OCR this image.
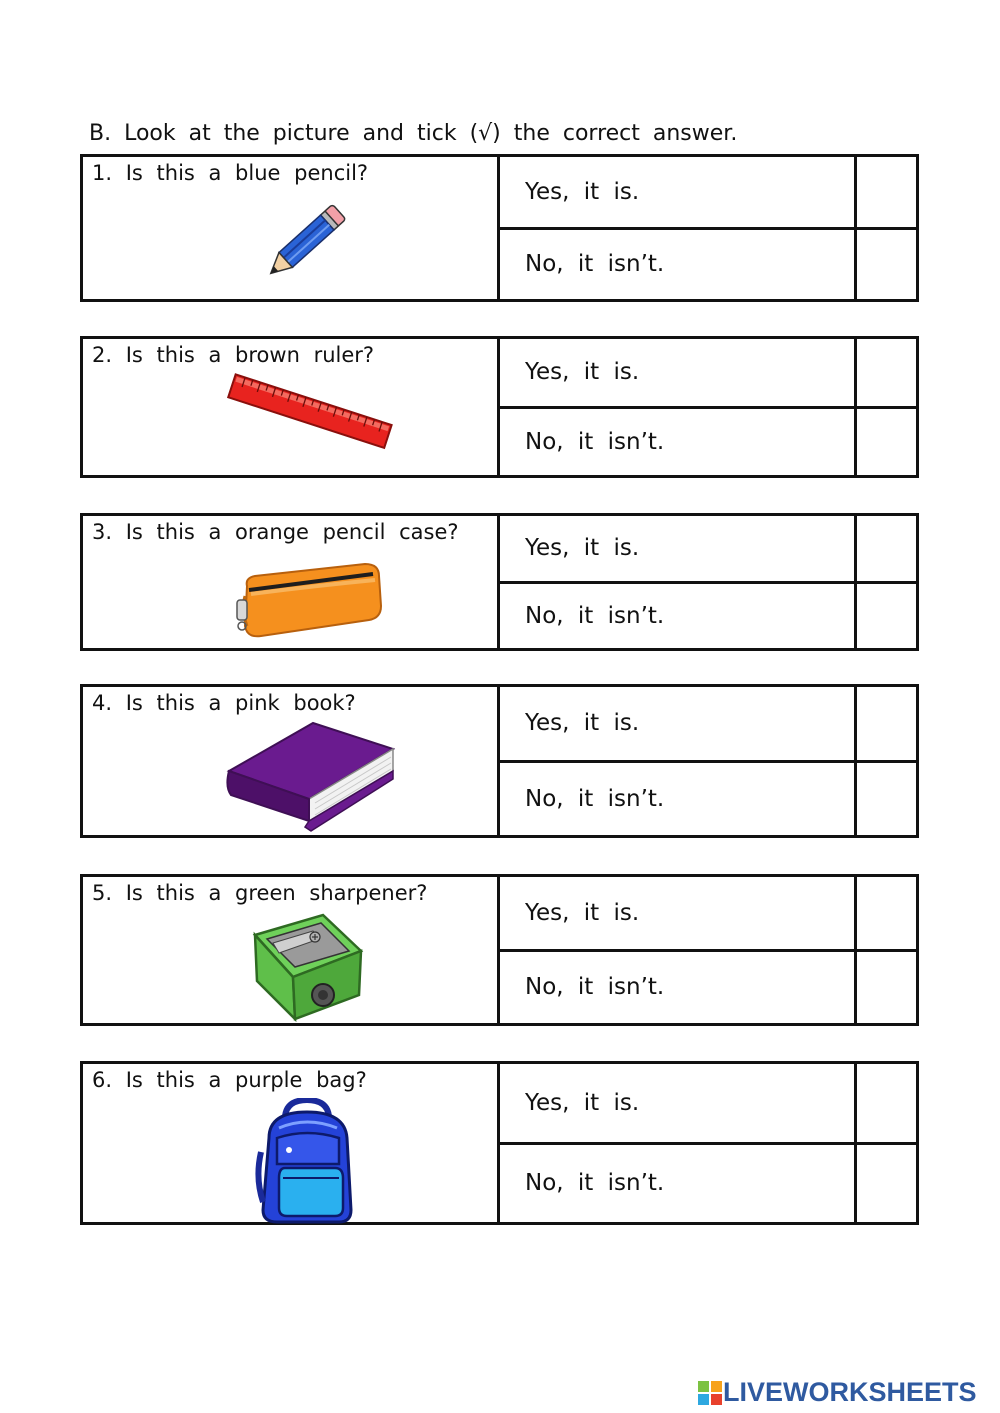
B. Look at the picture and tick (√) the correct answer.
1. Is this a blue pencil?
Yes, it is.
No, it isn’t.
2. Is this a brown ruler?
Yes, it is.
No, it isn’t.
3. Is this a orange pencil case?
Yes, it is.
No, it isn’t.
4. Is this a pink book?
Yes, it is.
No, it isn’t.
5. Is this a green sharpener?
Yes, it is.
No, it isn’t.
6. Is this a purple bag?
Yes, it is.
No, it isn’t.
LIVEWORKSHEETS
